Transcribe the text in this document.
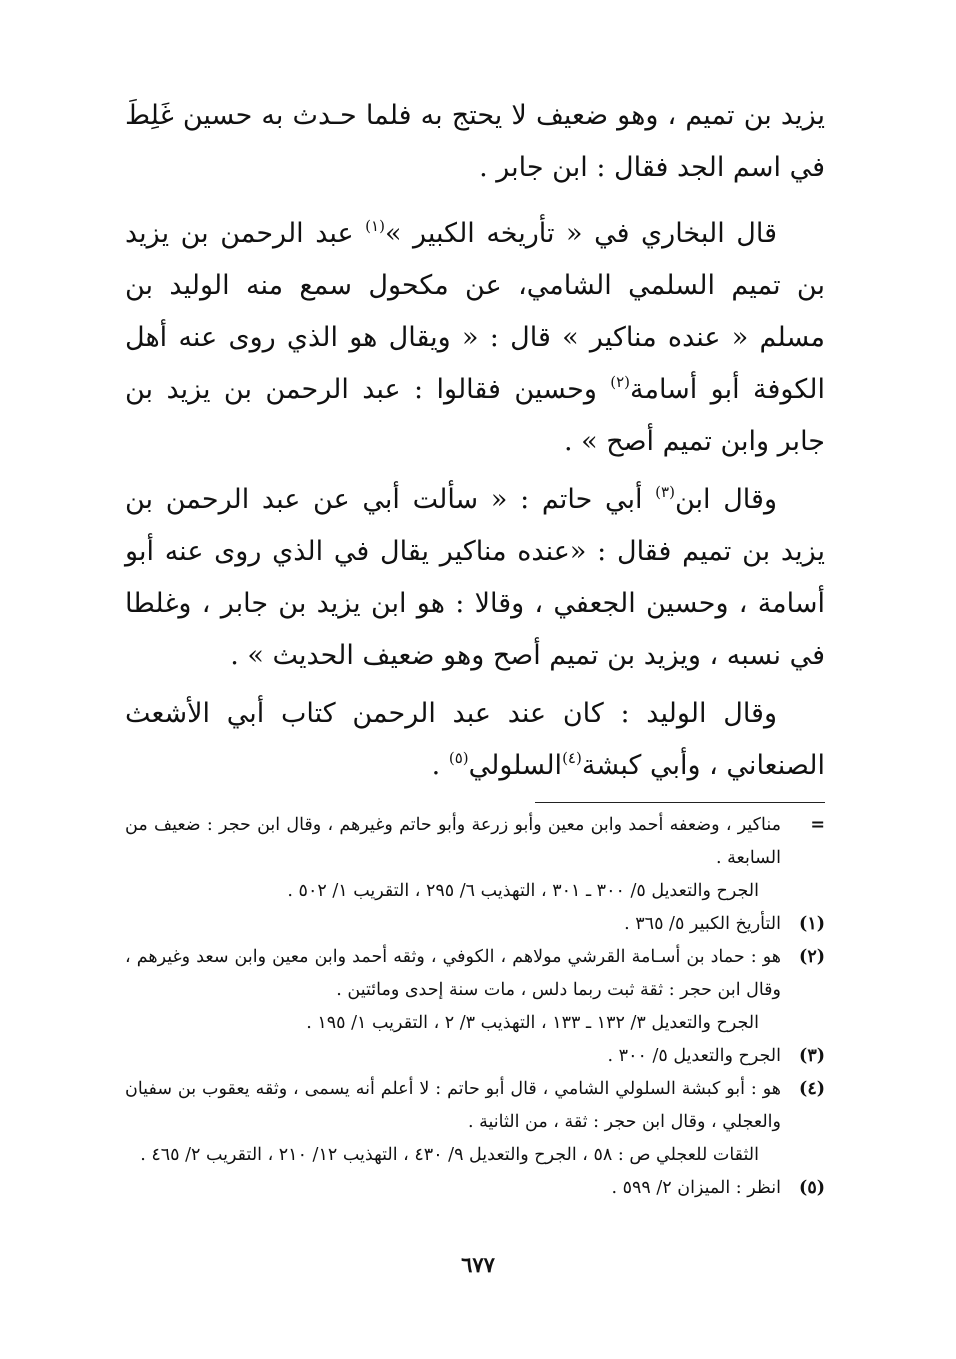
يزيد بن تميم ، وهو ضعيف لا يحتج به فلما حـدث به حسين غَلِطَ في اسم الجد فقال : ابن جابر .

قال البخاري في « تأريخه الكبير »$^{(١)}$ عبد الرحمن بن يزيد بن تميم السلمي الشامي، عن مكحول سمع منه الوليد بن مسلم « عنده مناكير » قال : « ويقال هو الذي روى عنه أهل الكوفة أبو أسامة$^{(٢)}$ وحسين فقالوا : عبد الرحمن بن يزيد بن جابر وابن تميم أصح » .

وقال ابن$^{(٣)}$ أبي حاتم : « سألت أبي عن عبد الرحمن بن يزيد بن تميم فقال : «عنده مناكير يقال في الذي روى عنه أبو أسامة ، وحسين الجعفي ، وقالا : هو ابن يزيد بن جابر ، وغلطا في نسبه ، ويزيد بن تميم أصح وهو ضعيف الحديث » .

وقال الوليد : كان عند عبد الرحمن كتاب أبي الأشعث الصنعاني ، وأبي كبشة$^{(٤)}$السلولي$^{(٥)}$ .

=
مناكير ، وضعفه أحمد وابن معين وأبو زرعة وأبو حاتم وغيرهم ، وقال ابن حجر : ضعيف من السابعة .
الجرح والتعديل ٥/ ٣٠٠ ـ ٣٠١ ، التهذيب ٦/ ٢٩٥ ، التقريب ١/ ٥٠٢ .
(١)
التأريخ الكبير ٥/ ٣٦٥ .
(٢)
هو : حماد بن أسـامة القرشي مولاهم ، الكوفي ، وثقه أحمد وابن معين وابن سعد وغيرهم ، وقال ابن حجر : ثقة ثبت ربما دلس ، مات سنة إحدى ومائتين .
الجرح والتعديل ٣/ ١٣٢ ـ ١٣٣ ، التهذيب ٣/ ٢ ، التقريب ١/ ١٩٥ .
(٣)
الجرح والتعديل ٥/ ٣٠٠ .
(٤)
هو : أبو كبشة السلولي الشامي ، قال أبو حاتم : لا أعلم أنه يسمى ، وثقه يعقوب بن سفيان والعجلي ، وقال ابن حجر : ثقة ، من الثانية .
الثقات للعجلي ص : ٥٨ ، الجرح والتعديل ٩/ ٤٣٠ ، التهذيب ١٢/ ٢١٠ ، التقريب ٢/ ٤٦٥ .
(٥)
انظر : الميزان ٢/ ٥٩٩ .
٦٧٧
